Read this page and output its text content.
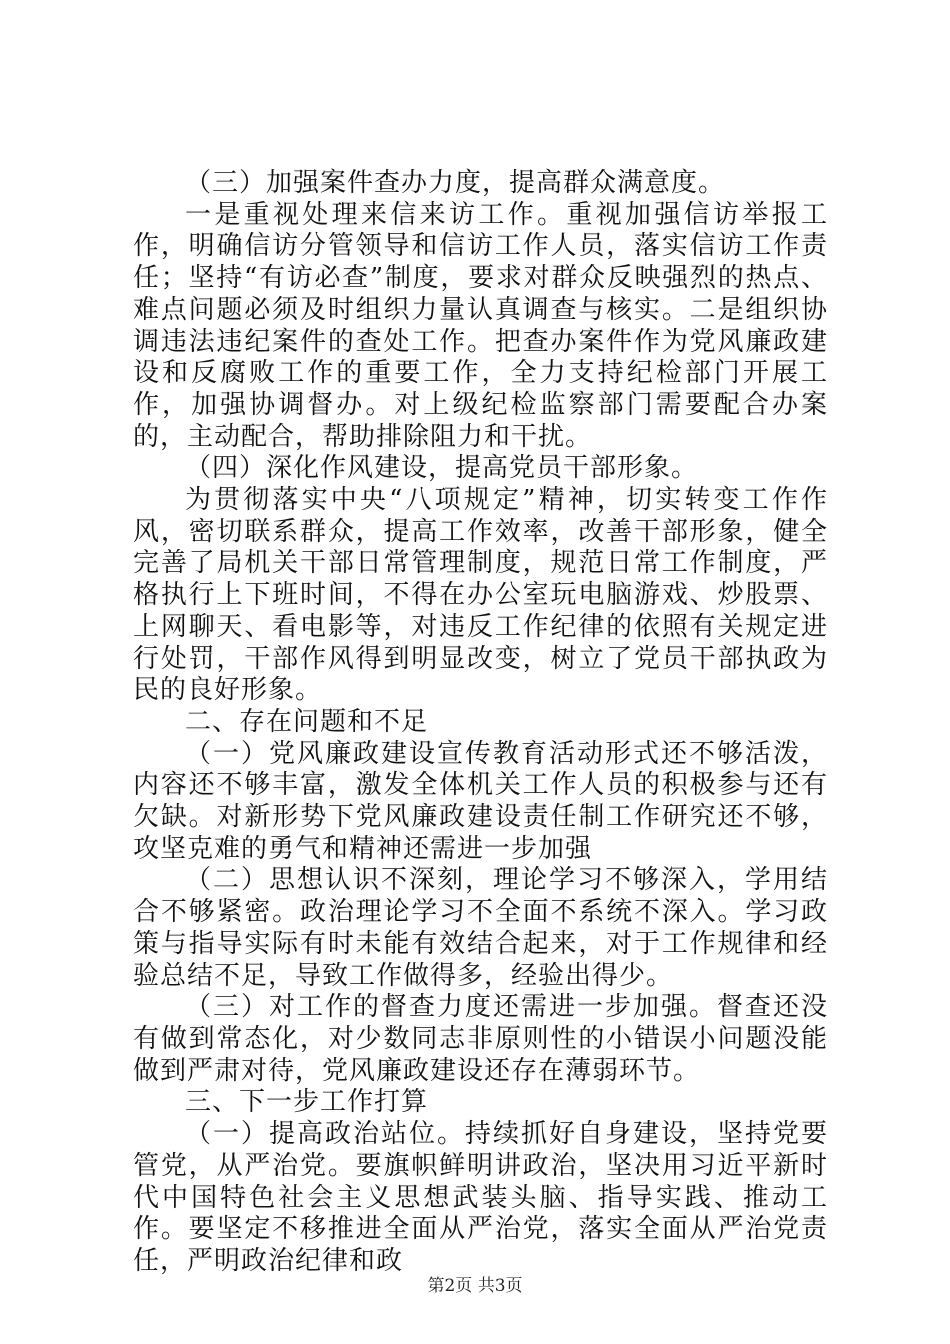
（三）加强案件查办力度，提高群众满意度。

一是重视处理来信来访工作。重视加强信访举报工作，明确信访分管领导和信访工作人员，落实信访工作责任；坚持“有访必查”制度，要求对群众反映强烈的热点、难点问题必须及时组织力量认真调查与核实。二是组织协调违法违纪案件的查处工作。把查办案件作为党风廉政建设和反腐败工作的重要工作，全力支持纪检部门开展工作，加强协调督办。对上级纪检监察部门需要配合办案的，主动配合，帮助排除阻力和干扰。

（四）深化作风建设，提高党员干部形象。

为贯彻落实中央“八项规定”精神，切实转变工作作风，密切联系群众，提高工作效率，改善干部形象，健全完善了局机关干部日常管理制度，规范日常工作制度，严格执行上下班时间，不得在办公室玩电脑游戏、炒股票、上网聊天、看电影等，对违反工作纪律的依照有关规定进行处罚，干部作风得到明显改变，树立了党员干部执政为民的良好形象。

二、存在问题和不足

（一）党风廉政建设宣传教育活动形式还不够活泼，内容还不够丰富，激发全体机关工作人员的积极参与还有欠缺。对新形势下党风廉政建设责任制工作研究还不够，攻坚克难的勇气和精神还需进一步加强

（二）思想认识不深刻，理论学习不够深入，学用结合不够紧密。政治理论学习不全面不系统不深入。学习政策与指导实际有时未能有效结合起来，对于工作规律和经验总结不足，导致工作做得多，经验出得少。

（三）对工作的督查力度还需进一步加强。督查还没有做到常态化，对少数同志非原则性的小错误小问题没能做到严肃对待，党风廉政建设还存在薄弱环节。

三、下一步工作打算

（一）提高政治站位。持续抓好自身建设，坚持党要管党，从严治党。要旗帜鲜明讲政治，坚决用习近平新时代中国特色社会主义思想武装头脑、指导实践、推动工作。要坚定不移推进全面从严治党，落实全面从严治党责任，严明政治纪律和政

第2页 共3页
